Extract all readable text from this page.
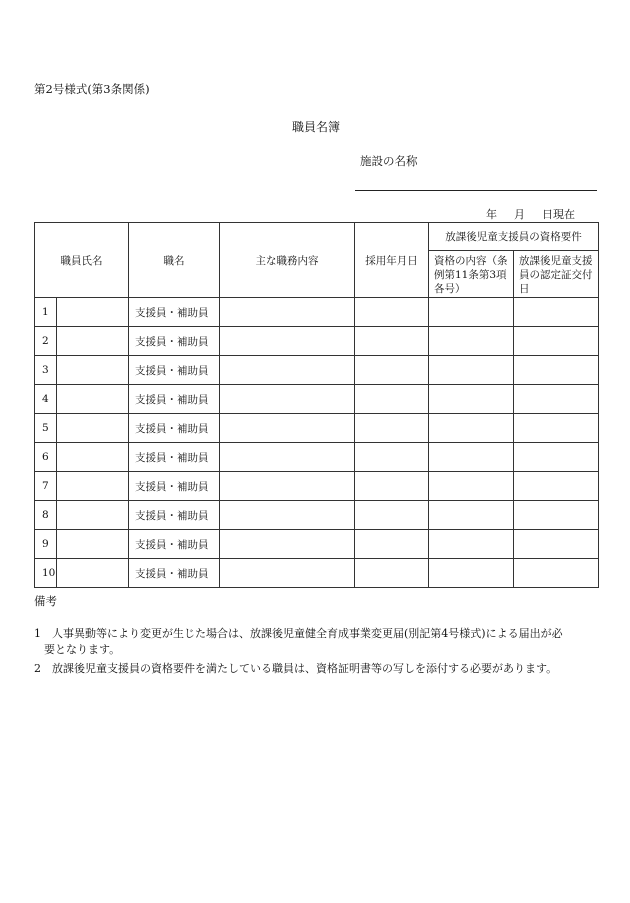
第2号様式(第3条関係)
職員名簿
施設の名称
年 月 日現在
職員氏名		職名	主な職務内容	採用年月日	放課後児童支援員の資格要件	
					資格の内容（条例第11条第3項各号）	放課後児童支援員の認定証交付日
1		支援員・補助員				
2		支援員・補助員				
3		支援員・補助員				
4		支援員・補助員				
5		支援員・補助員				
6		支援員・補助員				
7		支援員・補助員				
8		支援員・補助員				
9		支援員・補助員				
10		支援員・補助員				
備考
1 人事異動等により変更が生じた場合は、放課後児童健全育成事業変更届(別記第4号様式)による届出が必
要となります。
2 放課後児童支援員の資格要件を満たしている職員は、資格証明書等の写しを添付する必要があります。
